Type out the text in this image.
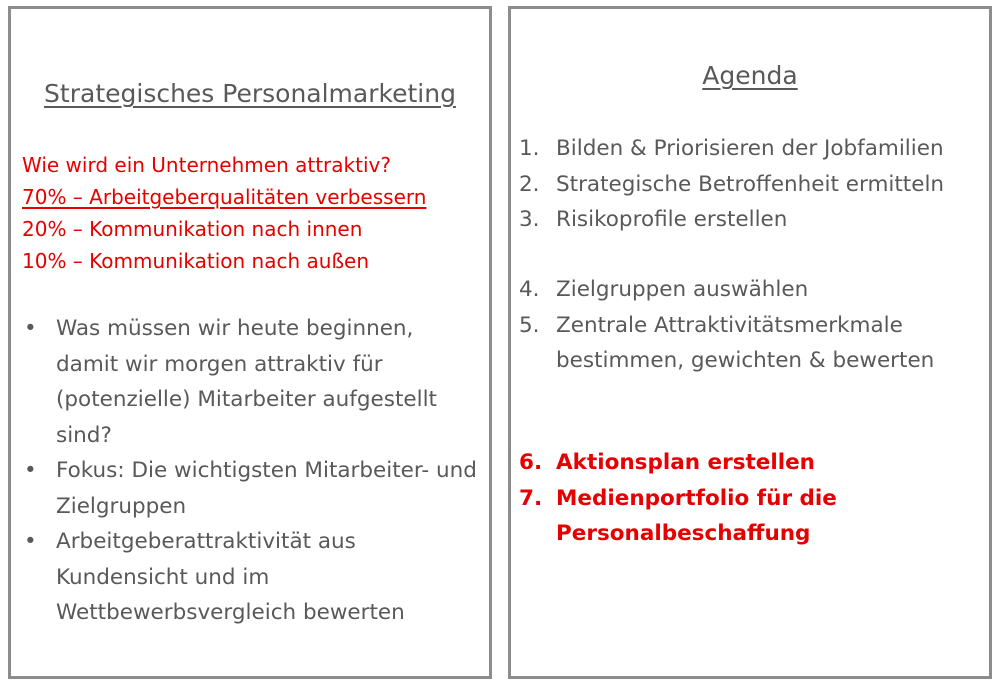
Strategisches Personalmarketing
Wie wird ein Unternehmen attraktiv?
70% – Arbeitgeberqualitäten verbessern
20% – Kommunikation nach innen
10% – Kommunikation nach außen
• Was müssen wir heute beginnen, damit wir morgen attraktiv für (potenzielle) Mitarbeiter aufgestellt sind?
• Fokus: Die wichtigsten Mitarbeiter- und Zielgruppen
• Arbeitgeberattraktivität aus Kundensicht und im Wettbewerbsvergleich bewerten
Agenda
1. Bilden & Priorisieren der Jobfamilien
2. Strategische Betroffenheit ermitteln
3. Risikoprofile erstellen
4. Zielgruppen auswählen
5. Zentrale Attraktivitätsmerkmale bestimmen, gewichten & bewerten
6. Aktionsplan erstellen
7. Medienportfolio für die Personalbeschaffung
